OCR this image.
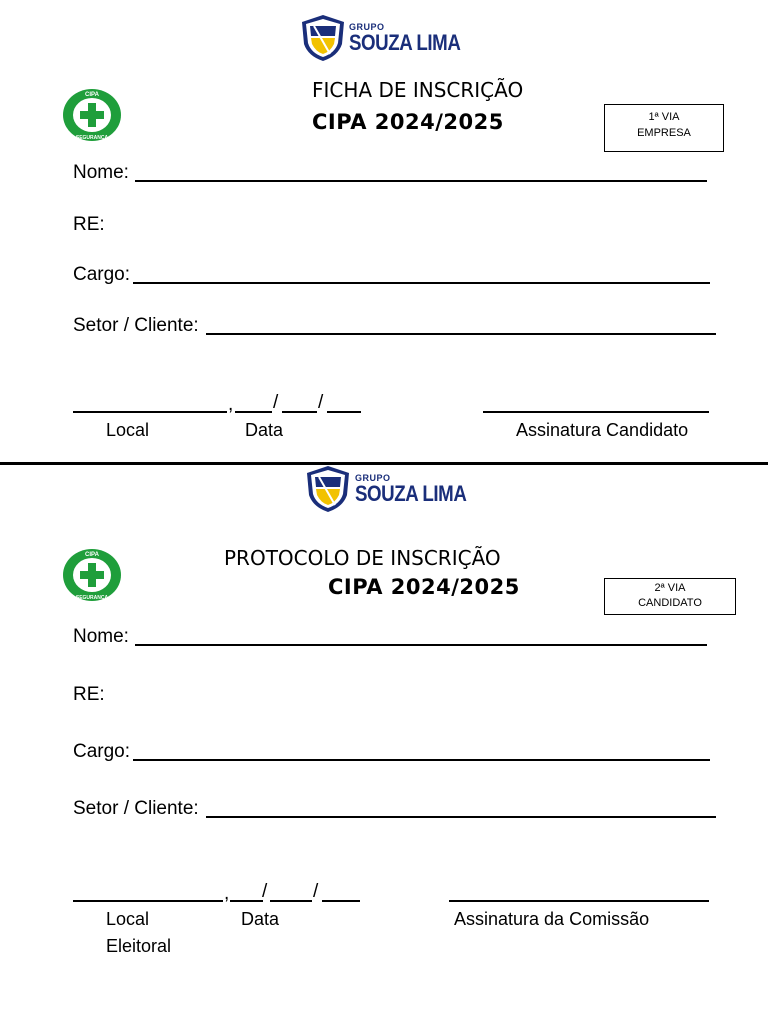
GRUPO
SOUZA LIMA
CIPA
SEGURANÇA
FICHA DE INSCRIÇÃO
CIPA 2024/2025	1ª VIA
EMPRESA
Nome:
RE:
Cargo:
Setor / Cliente:
, / /
Local	Data	Assinatura Candidato
GRUPO
SOUZA LIMA
CIPA
SEGURANÇA
PROTOCOLO DE INSCRIÇÃO
CIPA 2024/2025	2ª VIA
CANDIDATO
Nome:
RE:
Cargo:
Setor / Cliente:
, / /
Local
Eleitoral
Data	Assinatura da Comissão
